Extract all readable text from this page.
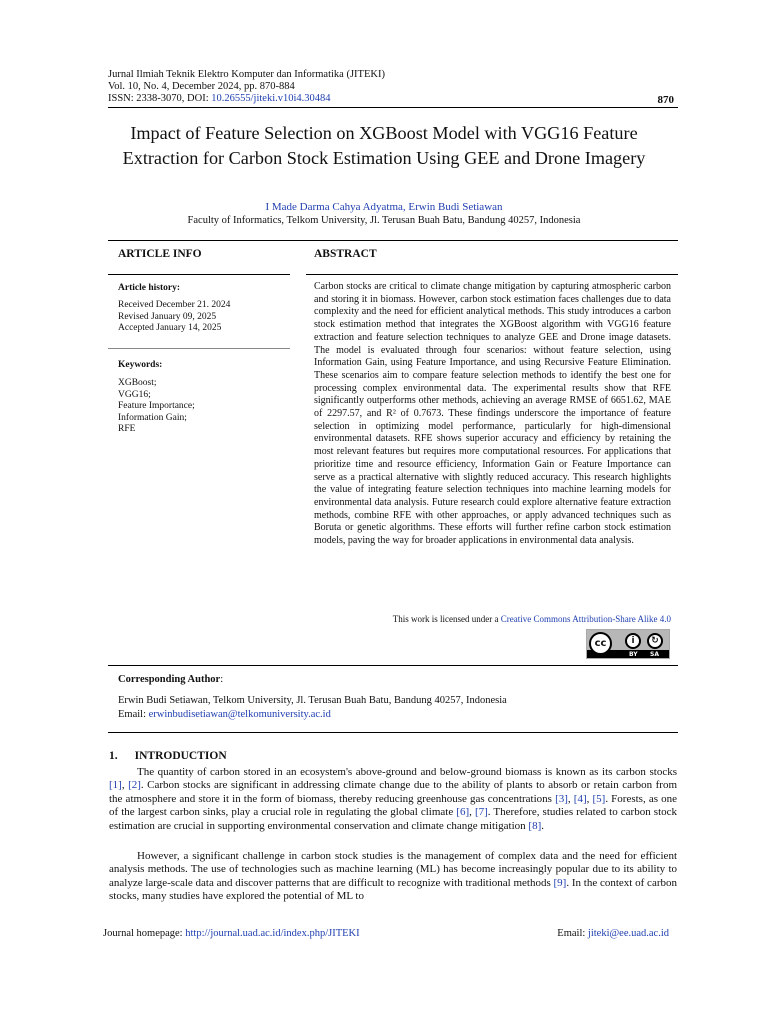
Jurnal Ilmiah Teknik Elektro Komputer dan Informatika (JITEKI)
Vol. 10, No. 4, December 2024, pp. 870-884
ISSN: 2338-3070, DOI: 10.26555/jiteki.v10i4.30484	870
Impact of Feature Selection on XGBoost Model with VGG16 Feature Extraction for Carbon Stock Estimation Using GEE and Drone Imagery
I Made Darma Cahya Adyatma, Erwin Budi Setiawan
Faculty of Informatics, Telkom University, Jl. Terusan Buah Batu, Bandung 40257, Indonesia
ARTICLE INFO
Article history:
Received December 21. 2024
Revised January 09, 2025
Accepted January 14, 2025
Keywords:
XGBoost;
VGG16;
Feature Importance;
Information Gain;
RFE
ABSTRACT
Carbon stocks are critical to climate change mitigation by capturing atmospheric carbon and storing it in biomass. However, carbon stock estimation faces challenges due to data complexity and the need for efficient analytical methods. This study introduces a carbon stock estimation method that integrates the XGBoost algorithm with VGG16 feature extraction and feature selection techniques to analyze GEE and Drone image datasets. The model is evaluated through four scenarios: without feature selection, using Information Gain, using Feature Importance, and using Recursive Feature Elimination. These scenarios aim to compare feature selection methods to identify the best one for processing complex environmental data. The experimental results show that RFE significantly outperforms other methods, achieving an average RMSE of 6651.62, MAE of 2297.57, and R² of 0.7673. These findings underscore the importance of feature selection in optimizing model performance, particularly for high-dimensional environmental datasets. RFE shows superior accuracy and efficiency by retaining the most relevant features but requires more computational resources. For applications that prioritize time and resource efficiency, Information Gain or Feature Importance can serve as a practical alternative with slightly reduced accuracy. This research highlights the value of integrating feature selection techniques into machine learning models for environmental data analysis. Future research could explore alternative feature extraction methods, combine RFE with other approaches, or apply advanced techniques such as Boruta or genetic algorithms. These efforts will further refine carbon stock estimation models, paving the way for broader applications in environmental data analysis.
This work is licensed under a Creative Commons Attribution-Share Alike 4.0
cc	i	↻
BY SA
Corresponding Author:
Erwin Budi Setiawan, Telkom University, Jl. Terusan Buah Batu, Bandung 40257, Indonesia
Email: erwinbudisetiawan@telkomuniversity.ac.id
1. INTRODUCTION
The quantity of carbon stored in an ecosystem's above-ground and below-ground biomass is known as its carbon stocks [1], [2]. Carbon stocks are significant in addressing climate change due to the ability of plants to absorb or retain carbon from the atmosphere and store it in the form of biomass, thereby reducing greenhouse gas concentrations [3], [4], [5]. Forests, as one of the largest carbon sinks, play a crucial role in regulating the global climate [6], [7]. Therefore, studies related to carbon stock estimation are crucial in supporting environmental conservation and climate change mitigation [8].
However, a significant challenge in carbon stock studies is the management of complex data and the need for efficient analysis methods. The use of technologies such as machine learning (ML) has become increasingly popular due to its ability to analyze large-scale data and discover patterns that are difficult to recognize with traditional methods [9]. In the context of carbon stocks, many studies have explored the potential of ML to
Journal homepage: http://journal.uad.ac.id/index.php/JITEKI	Email: jiteki@ee.uad.ac.id
